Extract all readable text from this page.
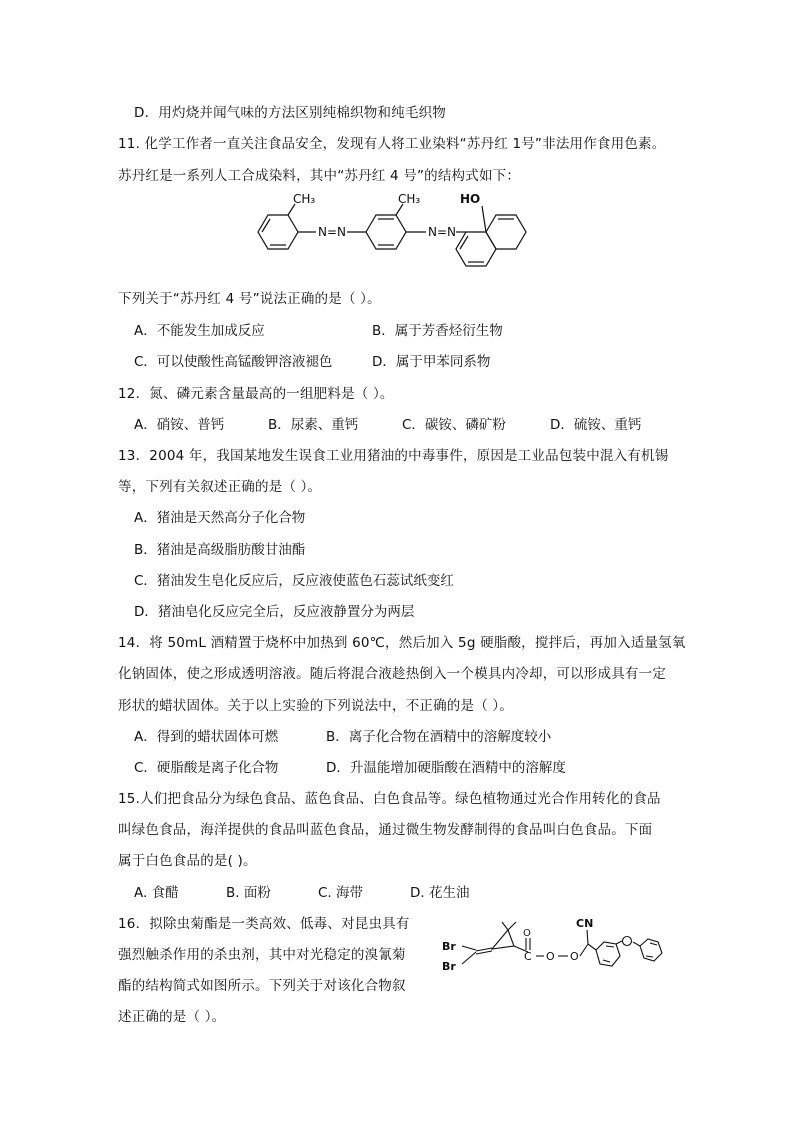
D．用灼烧并闻气味的方法区别纯棉织物和纯毛织物
11. 化学工作者一直关注食品安全，发现有人将工业染料“苏丹红 1号”非法用作食用色素。
苏丹红是一系列人工合成染料，其中“苏丹红 4 号”的结构式如下：
CH₃	CH₃	HO
N=N	N=N
下列关于“苏丹红 4 号”说法正确的是（ ）。
A．不能发生加成反应	B．属于芳香烃衍生物
C．可以使酸性高锰酸钾溶液褪色	D．属于甲苯同系物
12．氮、磷元素含量最高的一组肥料是（ ）。
A．硝铵、普钙	B．尿素、重钙	C．碳铵、磷矿粉	D．硫铵、重钙
13．2004 年，我国某地发生误食工业用猪油的中毒事件，原因是工业品包装中混入有机锡
等，下列有关叙述正确的是（ ）。
A．猪油是天然高分子化合物
B．猪油是高级脂肪酸甘油酯
C．猪油发生皂化反应后，反应液使蓝色石蕊试纸变红
D．猪油皂化反应完全后，反应液静置分为两层
14．将 50mL 酒精置于烧杯中加热到 60℃，然后加入 5g 硬脂酸，搅拌后，再加入适量氢氧
化钠固体，使之形成透明溶液。随后将混合液趁热倒入一个模具内冷却，可以形成具有一定
形状的蜡状固体。关于以上实验的下列说法中，不正确的是（ ）。
A．得到的蜡状固体可燃	B．离子化合物在酒精中的溶解度较小
C．硬脂酸是离子化合物	D．升温能增加硬脂酸在酒精中的溶解度
15.人们把食品分为绿色食品、蓝色食品、白色食品等。绿色植物通过光合作用转化的食品
叫绿色食品，海洋提供的食品叫蓝色食品，通过微生物发酵制得的食品叫白色食品。下面
属于白色食品的是( )。
A. 食醋	B. 面粉	C. 海带	D. 花生油
16．拟除虫菊酯是一类高效、低毒、对昆虫具有
强烈触杀作用的杀虫剂，其中对光稳定的溴氰菊
酯的结构简式如图所示。下列关于对该化合物叙
述正确的是（ ）。
Br
Br
CN
O
C O O
